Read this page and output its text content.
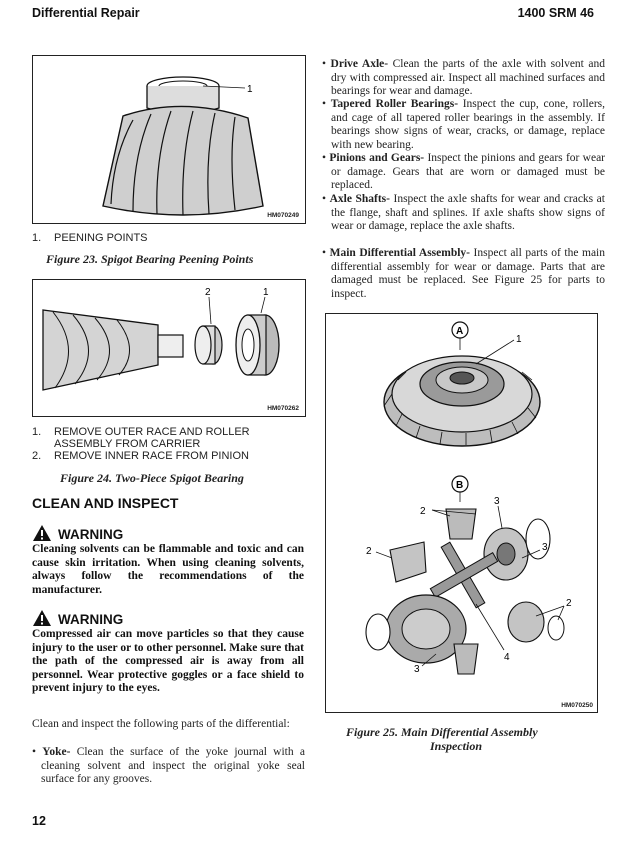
Differential Repair	1400 SRM 46
1
HM070249
1. PEENING POINTS
Figure 23. Spigot Bearing Peening Points
2	1
HM070262
1. REMOVE OUTER RACE AND ROLLER
ASSEMBLY FROM CARRIER
2. REMOVE INNER RACE FROM PINION
Figure 24. Two-Piece Spigot Bearing
CLEAN AND INSPECT
WARNING
Cleaning solvents can be flammable and toxic and can cause skin irritation. When using cleaning solvents, always follow the recommendations of the manufacturer.
WARNING
Compressed air can move particles so that they cause injury to the user or to other personnel. Make sure that the path of the compressed air is away from all personnel. Wear protective goggles or a face shield to prevent injury to the eyes.
Clean and inspect the following parts of the differential:
• Yoke- Clean the surface of the yoke journal with a cleaning solvent and inspect the original yoke seal surface for any grooves.
• Drive Axle- Clean the parts of the axle with solvent and dry with compressed air. Inspect all machined surfaces and bearings for wear and damage.
• Tapered Roller Bearings- Inspect the cup, cone, rollers, and cage of all tapered roller bearings in the assembly. If bearings show signs of wear, cracks, or damage, replace with new bearing.
• Pinions and Gears- Inspect the pinions and gears for wear or damage. Gears that are worn or damaged must be replaced.
• Axle Shafts- Inspect the axle shafts for wear and cracks at the flange, shaft and splines. If axle shafts show signs of wear or damage, replace the axle shafts.
• Main Differential Assembly- Inspect all parts of the main differential assembly for wear or damage. Parts that are damaged must be replaced. See Figure 25 for parts to inspect.
A
1
B
2
3
2	3
2
4
3
HM070250
Figure 25. Main Differential Assembly
Inspection
12
